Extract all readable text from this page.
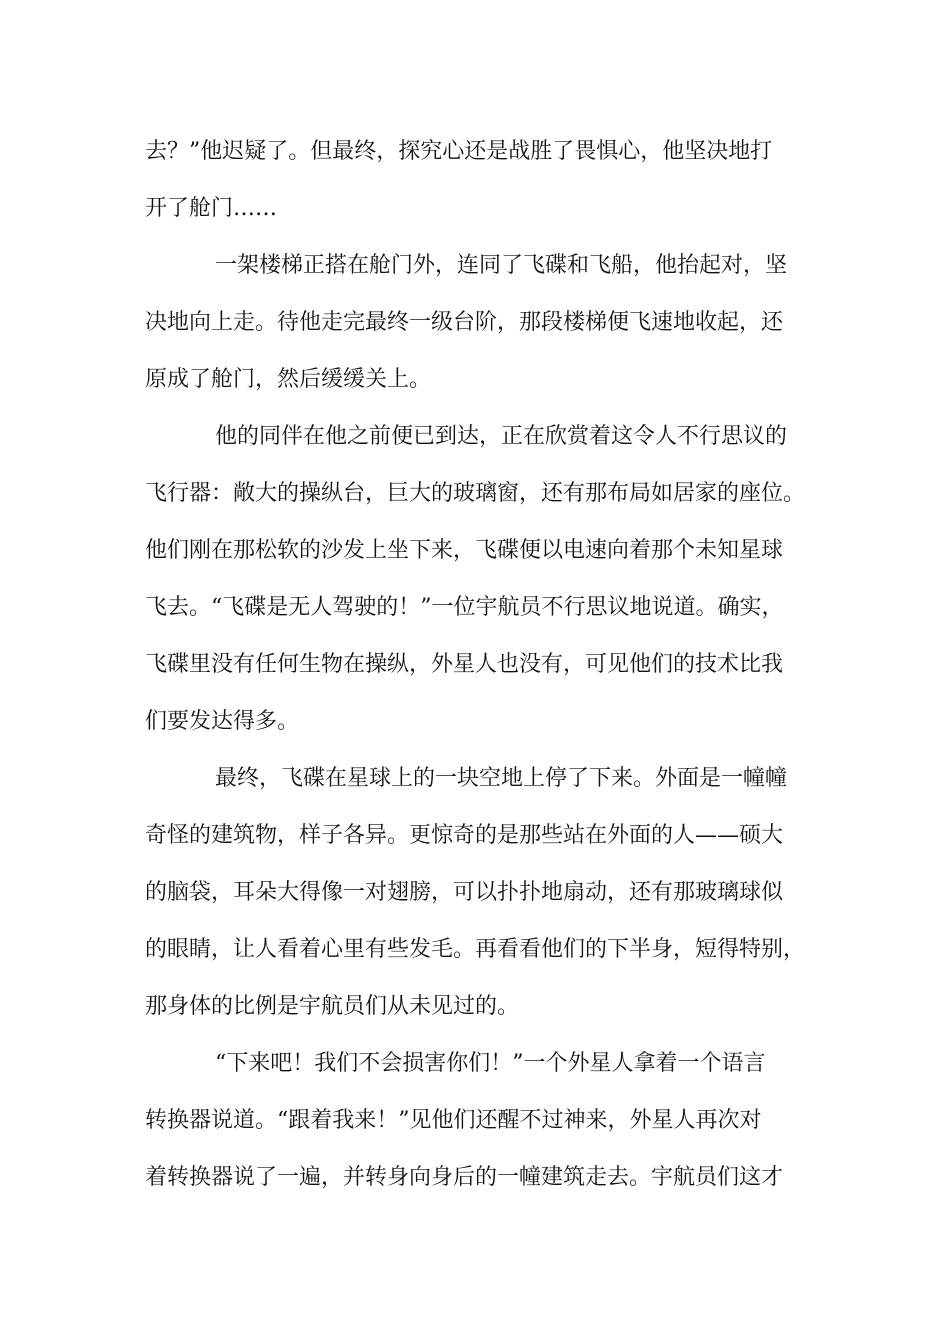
去？”他迟疑了。但最终，探究心还是战胜了畏惧心，他坚决地打
开了舱门……
一架楼梯正搭在舱门外，连同了飞碟和飞船，他抬起对，坚
决地向上走。待他走完最终一级台阶，那段楼梯便飞速地收起，还
原成了舱门，然后缓缓关上。
他的同伴在他之前便已到达，正在欣赏着这令人不行思议的
飞行器：敞大的操纵台，巨大的玻璃窗，还有那布局如居家的座位。
他们刚在那松软的沙发上坐下来，飞碟便以电速向着那个未知星球
飞去。“飞碟是无人驾驶的！”一位宇航员不行思议地说道。确实，
飞碟里没有任何生物在操纵，外星人也没有，可见他们的技术比我
们要发达得多。
最终，飞碟在星球上的一块空地上停了下来。外面是一幢幢
奇怪的建筑物，样子各异。更惊奇的是那些站在外面的人——硕大
的脑袋，耳朵大得像一对翅膀，可以扑扑地扇动，还有那玻璃球似
的眼睛，让人看着心里有些发毛。再看看他们的下半身，短得特别，
那身体的比例是宇航员们从未见过的。
“下来吧！我们不会损害你们！”一个外星人拿着一个语言
转换器说道。“跟着我来！”见他们还醒不过神来，外星人再次对
着转换器说了一遍，并转身向身后的一幢建筑走去。宇航员们这才
